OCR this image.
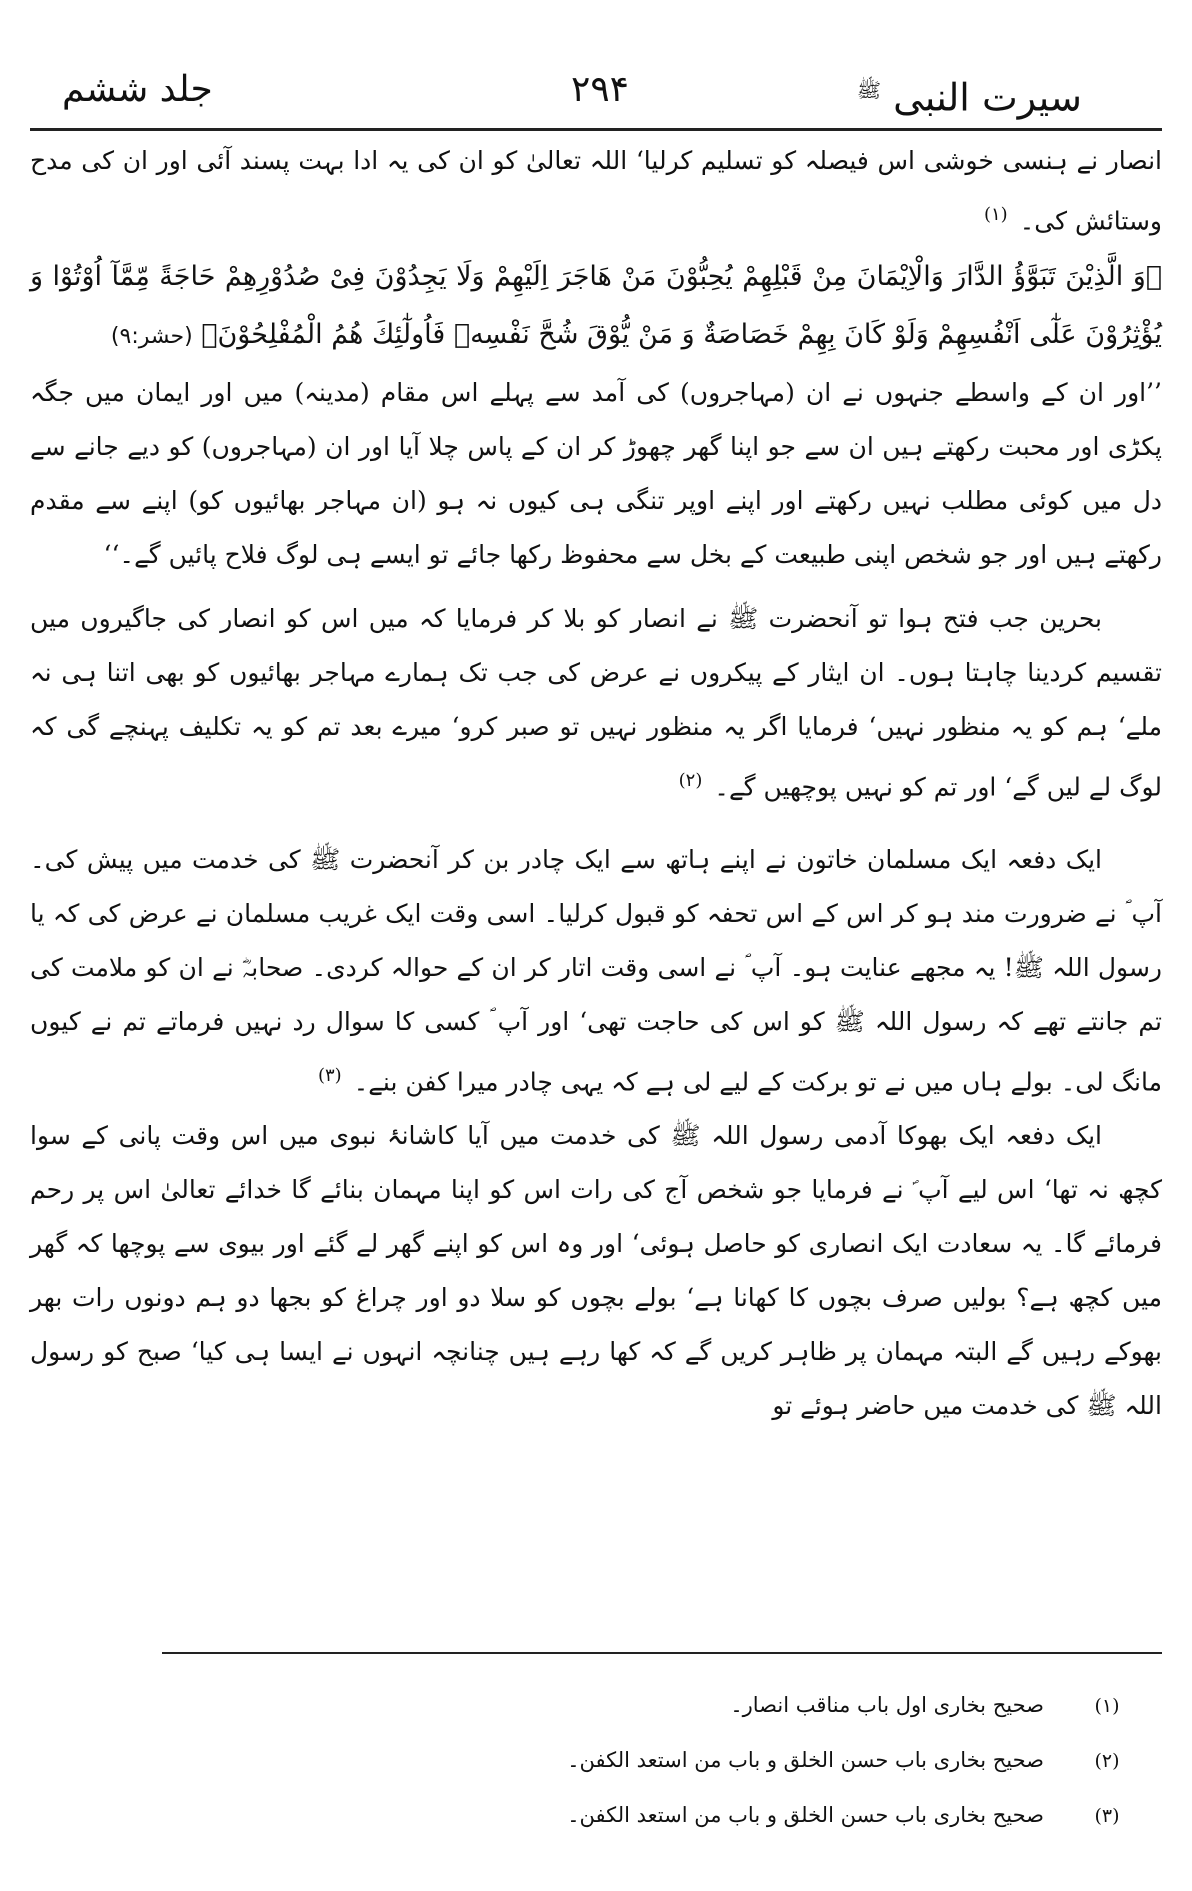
سیرت النبی $^ﷺ$
۲۹۴
جلد ششم

انصار نے ہنسی خوشی اس فیصلہ کو تسلیم کرلیا‘ اللہ تعالیٰ کو ان کی یہ ادا بہت پسند آئی اور ان کی مدح وستائش کی۔ $^{(۱)}$

﴿وَ الَّذِیْنَ تَبَوَّؤُ الدَّارَ وَالْاِیْمَانَ مِنْ قَبْلِهِمْ یُحِبُّوْنَ مَنْ هَاجَرَ اِلَیْهِمْ وَلَا یَجِدُوْنَ فِیْ صُدُوْرِهِمْ حَاجَةً مِّمَّآ اُوْتُوْا وَ یُؤْثِرُوْنَ عَلٰٓی اَنْفُسِهِمْ وَلَوْ كَانَ بِهِمْ خَصَاصَةٌ وَ مَنْ یُّوْقَ شُحَّ نَفْسِهٖ فَاُولٰٓئِكَ هُمُ الْمُفْلِحُوْنَ﴾ (حشر:۹)

’’اور ان کے واسطے جنہوں نے ان (مہاجروں) کی آمد سے پہلے اس مقام (مدینہ) میں اور ایمان میں جگہ پکڑی اور محبت رکھتے ہیں ان سے جو اپنا گھر چھوڑ کر ان کے پاس چلا آیا اور ان (مہاجروں) کو دیے جانے سے دل میں کوئی مطلب نہیں رکھتے اور اپنے اوپر تنگی ہی کیوں نہ ہو (ان مہاجر بھائیوں کو) اپنے سے مقدم رکھتے ہیں اور جو شخص اپنی طبیعت کے بخل سے محفوظ رکھا جائے تو ایسے ہی لوگ فلاح پائیں گے۔‘‘

بحرین جب فتح ہوا تو آنحضرت ﷺ نے انصار کو بلا کر فرمایا کہ میں اس کو انصار کی جاگیروں میں تقسیم کردینا چاہتا ہوں۔ ان ایثار کے پیکروں نے عرض کی جب تک ہمارے مہاجر بھائیوں کو بھی اتنا ہی نہ ملے‘ ہم کو یہ منظور نہیں‘ فرمایا اگر یہ منظور نہیں تو صبر کرو‘ میرے بعد تم کو یہ تکلیف پہنچے گی کہ لوگ لے لیں گے‘ اور تم کو نہیں پوچھیں گے۔ $^{(۲)}$

ایک دفعہ ایک مسلمان خاتون نے اپنے ہاتھ سے ایک چادر بن کر آنحضرت ﷺ کی خدمت میں پیش کی۔ آپ ؐ نے ضرورت مند ہو کر اس کے اس تحفہ کو قبول کرلیا۔ اسی وقت ایک غریب مسلمان نے عرض کی کہ یا رسول اللہ ﷺ! یہ مجھے عنایت ہو۔ آپ ؐ نے اسی وقت اتار کر ان کے حوالہ کردی۔ صحابہؓ نے ان کو ملامت کی تم جانتے تھے کہ رسول اللہ ﷺ کو اس کی حاجت تھی‘ اور آپ ؐ کسی کا سوال رد نہیں فرماتے تم نے کیوں مانگ لی۔ بولے ہاں میں نے تو برکت کے لیے لی ہے کہ یہی چادر میرا کفن بنے۔ $^{(۳)}$

ایک دفعہ ایک بھوکا آدمی رسول اللہ ﷺ کی خدمت میں آیا کاشانۂ نبوی میں اس وقت پانی کے سوا کچھ نہ تھا‘ اس لیے آپ ؐ نے فرمایا جو شخص آج کی رات اس کو اپنا مہمان بنائے گا خدائے تعالیٰ اس پر رحم فرمائے گا۔ یہ سعادت ایک انصاری کو حاصل ہوئی‘ اور وہ اس کو اپنے گھر لے گئے اور بیوی سے پوچھا کہ گھر میں کچھ ہے؟ بولیں صرف بچوں کا کھانا ہے‘ بولے بچوں کو سلا دو اور چراغ کو بجھا دو ہم دونوں رات بھر بھوکے رہیں گے البتہ مہمان پر ظاہر کریں گے کہ کھا رہے ہیں چنانچہ انہوں نے ایسا ہی کیا‘ صبح کو رسول اللہ ﷺ کی خدمت میں حاضر ہوئے تو

(۱)
صحیح بخاری اول باب مناقب انصار۔
(۲)
صحیح بخاری باب حسن الخلق و باب من استعد الکفن۔
(۳)
صحیح بخاری باب حسن الخلق و باب من استعد الکفن۔
